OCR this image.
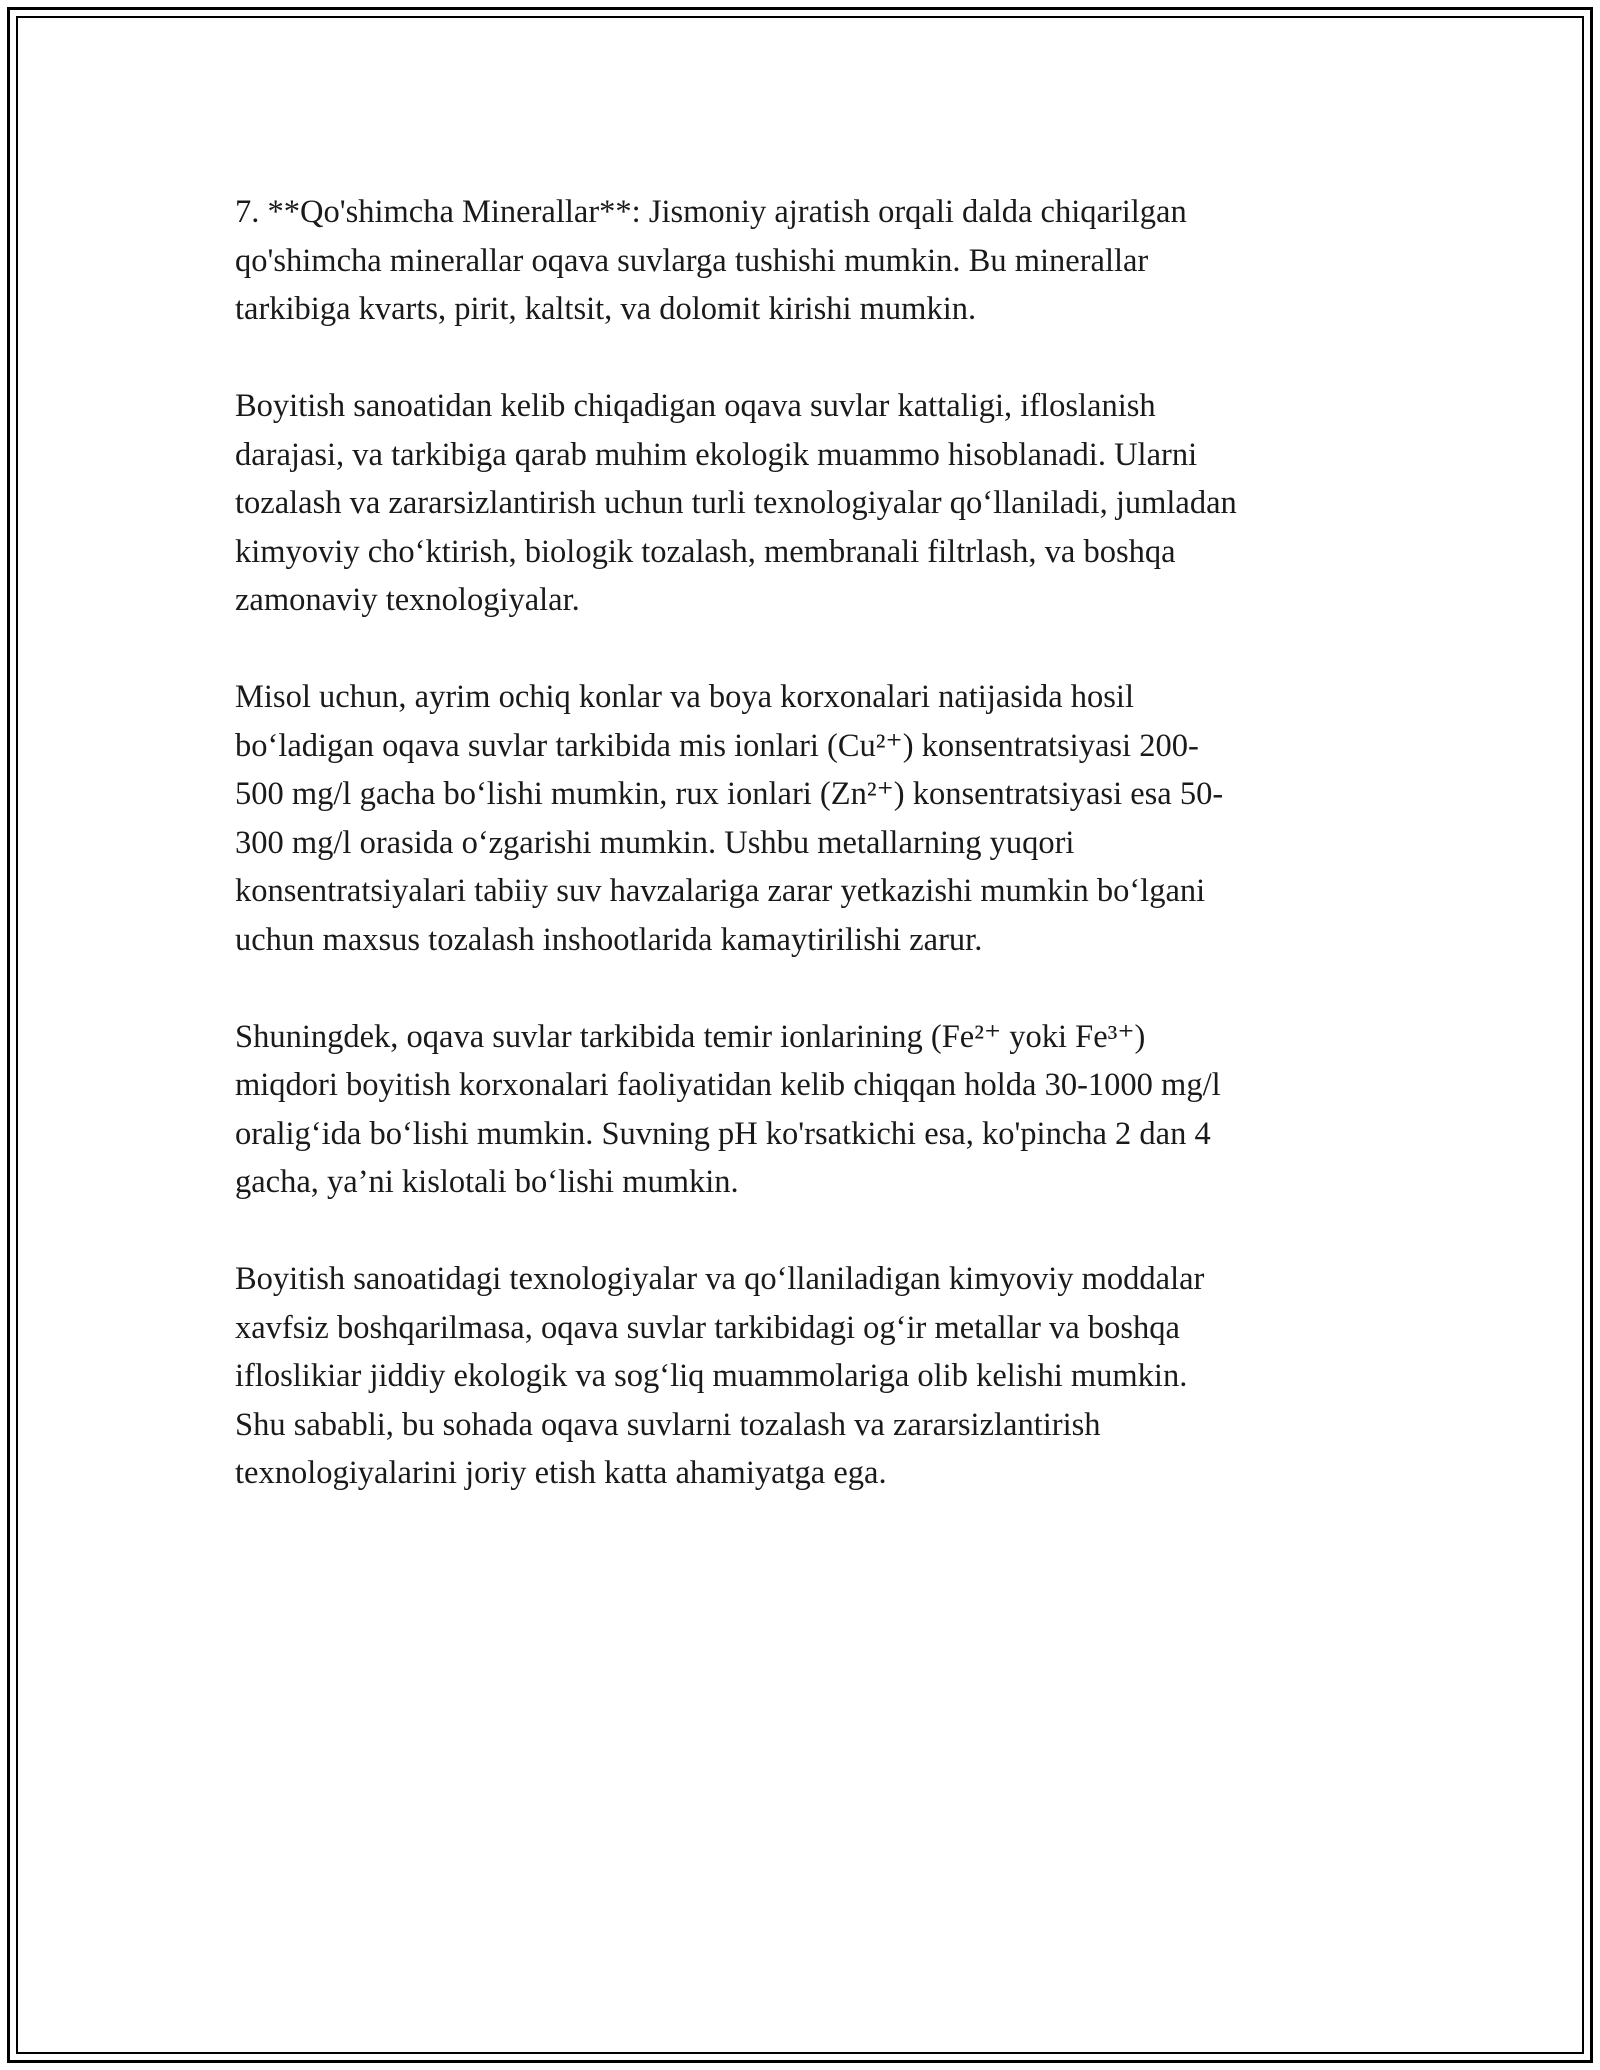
7. **Qo'shimcha Minerallar**: Jismoniy ajratish orqali dalda chiqarilgan
qo'shimcha minerallar oqava suvlarga tushishi mumkin. Bu minerallar
tarkibiga kvarts, pirit, kaltsit, va dolomit kirishi mumkin.

Boyitish sanoatidan kelib chiqadigan oqava suvlar kattaligi, ifloslanish
darajasi, va tarkibiga qarab muhim ekologik muammo hisoblanadi. Ularni
tozalash va zararsizlantirish uchun turli texnologiyalar qo‘llaniladi, jumladan
kimyoviy cho‘ktirish, biologik tozalash, membranali filtrlash, va boshqa
zamonaviy texnologiyalar.

Misol uchun, ayrim ochiq konlar va boya korxonalari natijasida hosil
bo‘ladigan oqava suvlar tarkibida mis ionlari (Cu²⁺) konsentratsiyasi 200-
500 mg/l gacha bo‘lishi mumkin, rux ionlari (Zn²⁺) konsentratsiyasi esa 50-
300 mg/l orasida o‘zgarishi mumkin. Ushbu metallarning yuqori
konsentratsiyalari tabiiy suv havzalariga zarar yetkazishi mumkin bo‘lgani
uchun maxsus tozalash inshootlarida kamaytirilishi zarur.

Shuningdek, oqava suvlar tarkibida temir ionlarining (Fe²⁺ yoki Fe³⁺)
miqdori boyitish korxonalari faoliyatidan kelib chiqqan holda 30-1000 mg/l
oralig‘ida bo‘lishi mumkin. Suvning pH ko'rsatkichi esa, ko'pincha 2 dan 4
gacha, ya’ni kislotali bo‘lishi mumkin.

Boyitish sanoatidagi texnologiyalar va qo‘llaniladigan kimyoviy moddalar
xavfsiz boshqarilmasa, oqava suvlar tarkibidagi og‘ir metallar va boshqa
ifloslikiar jiddiy ekologik va sog‘liq muammolariga olib kelishi mumkin.
Shu sababli, bu sohada oqava suvlarni tozalash va zararsizlantirish
texnologiyalarini joriy etish katta ahamiyatga ega.
